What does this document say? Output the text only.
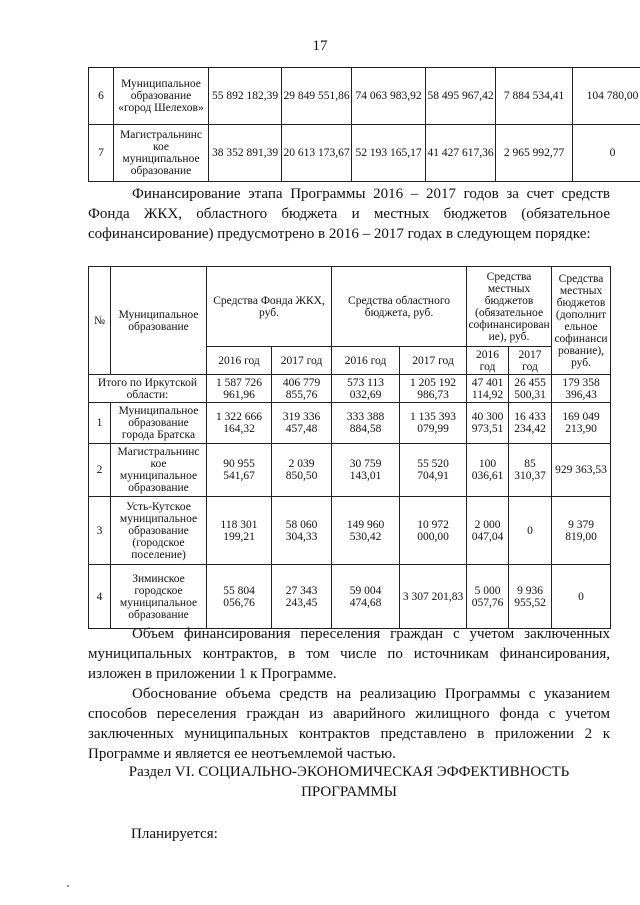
17
6	Муниципальное образование «город Шелехов»	55 892 182,39	29 849 551,86	74 063 983,92	58 495 967,42	7 884 534,41	104 780,00
7	Магистральнинс кое муниципальное образование	38 352 891,39	20 613 173,67	52 193 165,17	41 427 617,36	2 965 992,77	0
Финансирование этапа Программы 2016 – 2017 годов за счет средств Фонда ЖКХ, областного бюджета и местных бюджетов (обязательное софинансирование) предусмотрено в 2016 – 2017 годах в следующем порядке:
№	Муниципальное образование	Средства Фонда ЖКХ, руб.		Средства областного бюджета, руб.		Средства местных бюджетов (обязательное софинансирован ие), руб.		Средства местных бюджетов (дополнит ельное софинанси рование), руб.
		2016 год	2017 год	2016 год	2017 год	2016 год	2017 год	
Итого по Иркутской области:		1 587 726 961,96	406 779 855,76	573 113 032,69	1 205 192 986,73	47 401 114,92	26 455 500,31	179 358 396,43
1	Муниципальное образование города Братска	1 322 666 164,32	319 336 457,48	333 388 884,58	1 135 393 079,99	40 300 973,51	16 433 234,42	169 049 213,90
2	Магистральнинс кое муниципальное образование	90 955 541,67	2 039 850,50	30 759 143,01	55 520 704,91	100 036,61	85 310,37	929 363,53
3	Усть-Кутское муниципальное образование (городское поселение)	118 301 199,21	58 060 304,33	149 960 530,42	10 972 000,00	2 000 047,04	0	9 379 819,00
4	Зиминское городское муниципальное образование	55 804 056,76	27 343 243,45	59 004 474,68	3 307 201,83	5 000 057,76	9 936 955,52	0
Объем финансирования переселения граждан с учетом заключенных муниципальных контрактов, в том числе по источникам финансирования, изложен в приложении 1 к Программе.
Обоснование объема средств на реализацию Программы с указанием способов переселения граждан из аварийного жилищного фонда с учетом заключенных муниципальных контрактов представлено в приложении 2 к Программе и является ее неотъемлемой частью.
Раздел VI. СОЦИАЛЬНО-ЭКОНОМИЧЕСКАЯ ЭФФЕКТИВНОСТЬ ПРОГРАММЫ
Планируется:
